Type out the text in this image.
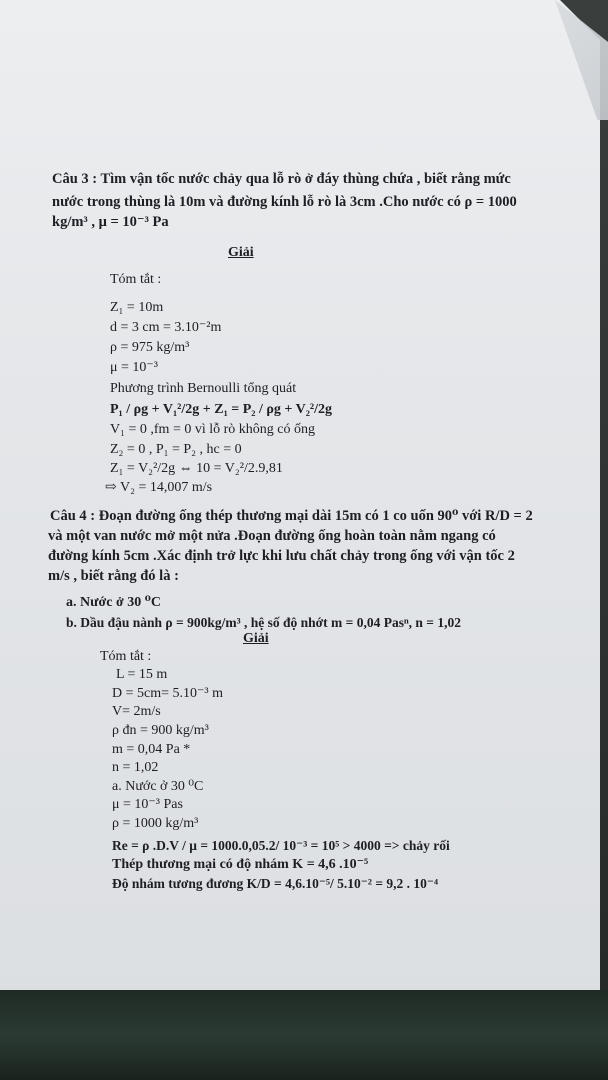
Câu 3 : Tìm vận tốc nước chảy qua lỗ rò ở đáy thùng chứa , biết rằng mức
nước trong thùng là 10m và đường kính lỗ rò là 3cm .Cho nước có ρ = 1000
kg/m³ , μ = 10⁻³ Pa
Giải
Tóm tắt :
Z₁ = 10m
d = 3 cm = 3.10⁻²m
ρ = 975 kg/m³
μ = 10⁻³
Phương trình Bernoulli tổng quát
P₁ / ρg + V₁²/2g + Z₁ = P₂ / ρg + V₂²/2g
V₁ = 0 ,fm = 0 vì lỗ rò không có ống
Z₂ = 0 , P₁ = P₂ , hc = 0
Z₁ = V₂²/2g ⇔ 10 = V₂²/2.9,81
⇨ V₂ = 14,007 m/s
Câu 4 : Đoạn đường ống thép thương mại dài 15m có 1 co uốn 90⁰ với R/D = 2
và một van nước mở một nửa .Đoạn đường ống hoàn toàn nằm ngang có
đường kính 5cm .Xác định trở lực khi lưu chất chảy trong ống với vận tốc 2
m/s , biết rằng đó là :
a. Nước ở 30 ⁰C
b. Dầu đậu nành ρ = 900kg/m³ , hệ số độ nhớt m = 0,04 Pasⁿ, n = 1,02
Giải
Tóm tắt :
L = 15 m
D = 5cm= 5.10⁻³ m
V= 2m/s
ρ đn = 900 kg/m³
m = 0,04 Pa *
n = 1,02
a. Nước ở 30 ⁰C
μ = 10⁻³ Pas
ρ = 1000 kg/m³
Re = ρ .D.V / μ = 1000.0,05.2/ 10⁻³ = 10⁵ > 4000 => chảy rối
Thép thương mại có độ nhám K = 4,6 .10⁻⁵
Độ nhám tương đương K/D = 4,6.10⁻⁵/ 5.10⁻² = 9,2 . 10⁻⁴
